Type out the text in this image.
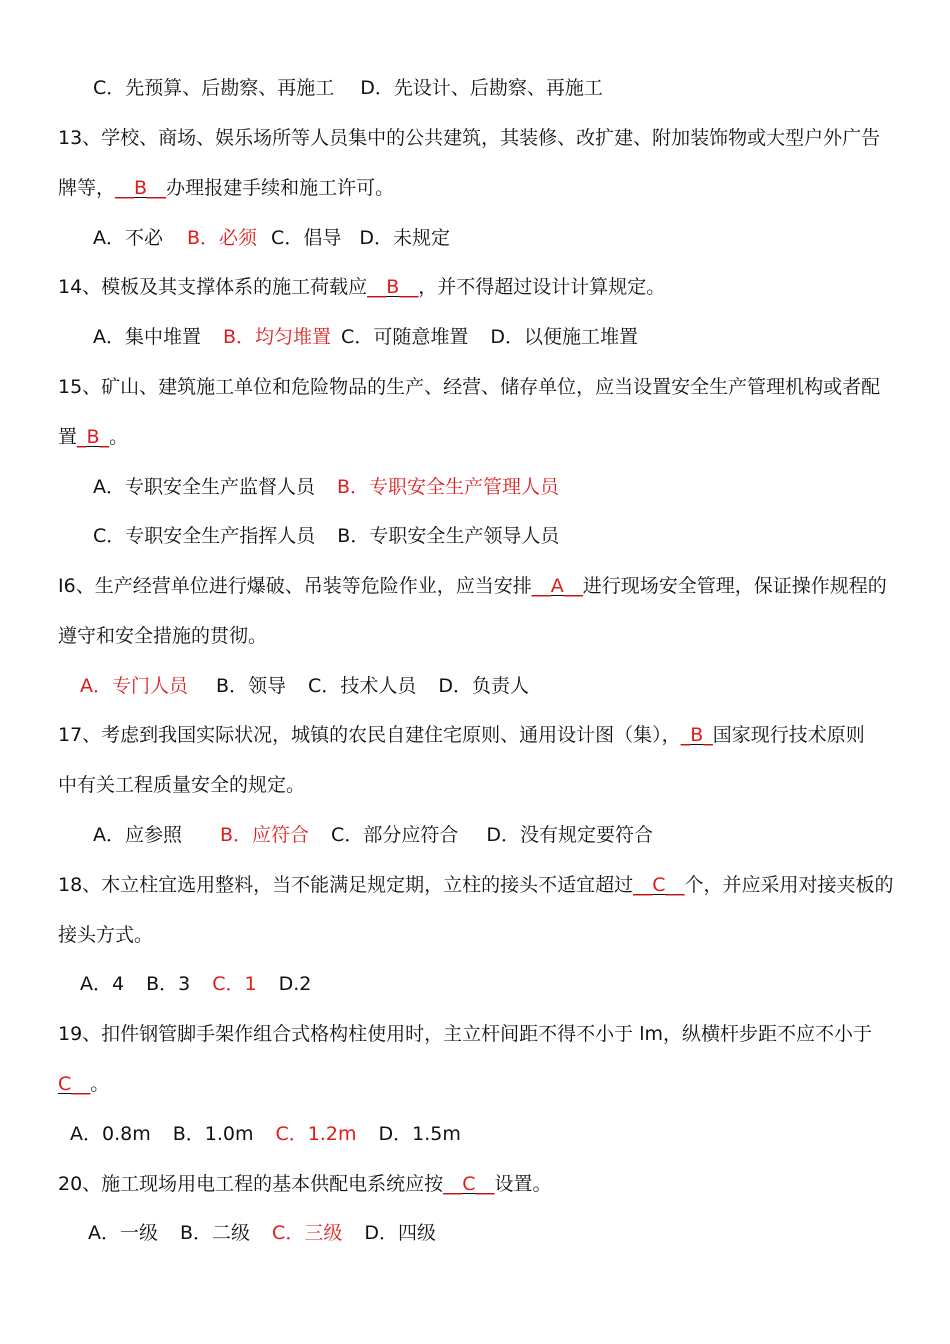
C．先预算、后勘察、再施工 D．先设计、后勘察、再施工
13、学校、商场、娱乐场所等人员集中的公共建筑，其装修、改扩建、附加装饰物或大型户外广告
牌等，__B__办理报建手续和施工许可。
A．不必 B．必须 C．倡导 D．未规定
14、模板及其支撑体系的施工荷载应__B__，并不得超过设计计算规定。
A．集中堆置 B．均匀堆置 C．可随意堆置 D．以便施工堆置
15、矿山、建筑施工单位和危险物品的生产、经营、储存单位，应当设置安全生产管理机构或者配
置_B_。
A．专职安全生产监督人员 B．专职安全生产管理人员
C．专职安全生产指挥人员 B．专职安全生产领导人员
I6、生产经营单位进行爆破、吊装等危险作业，应当安排__A__进行现场安全管理，保证操作规程的
遵守和安全措施的贯彻。
A．专门人员 B．领导 C．技术人员 D．负责人
17、考虑到我国实际状况，城镇的农民自建住宅原则、通用设计图（集），_B_国家现行技术原则
中有关工程质量安全的规定。
A．应参照 B．应符合 C．部分应符合 D．没有规定要符合
18、木立柱宜选用整料，当不能满足规定期，立柱的接头不适宜超过__C__个，并应采用对接夹板的
接头方式。
A．4 B．3 C．1 D.2
19、扣件钢管脚手架作组合式格构柱使用时，主立杆间距不得不小于 lm，纵横杆步距不应不小于
C__。
A．0.8m B．1.0m C．1.2m D．1.5m
20、施工现场用电工程的基本供配电系统应按__C__设置。
A．一级 B．二级 C．三级 D．四级
